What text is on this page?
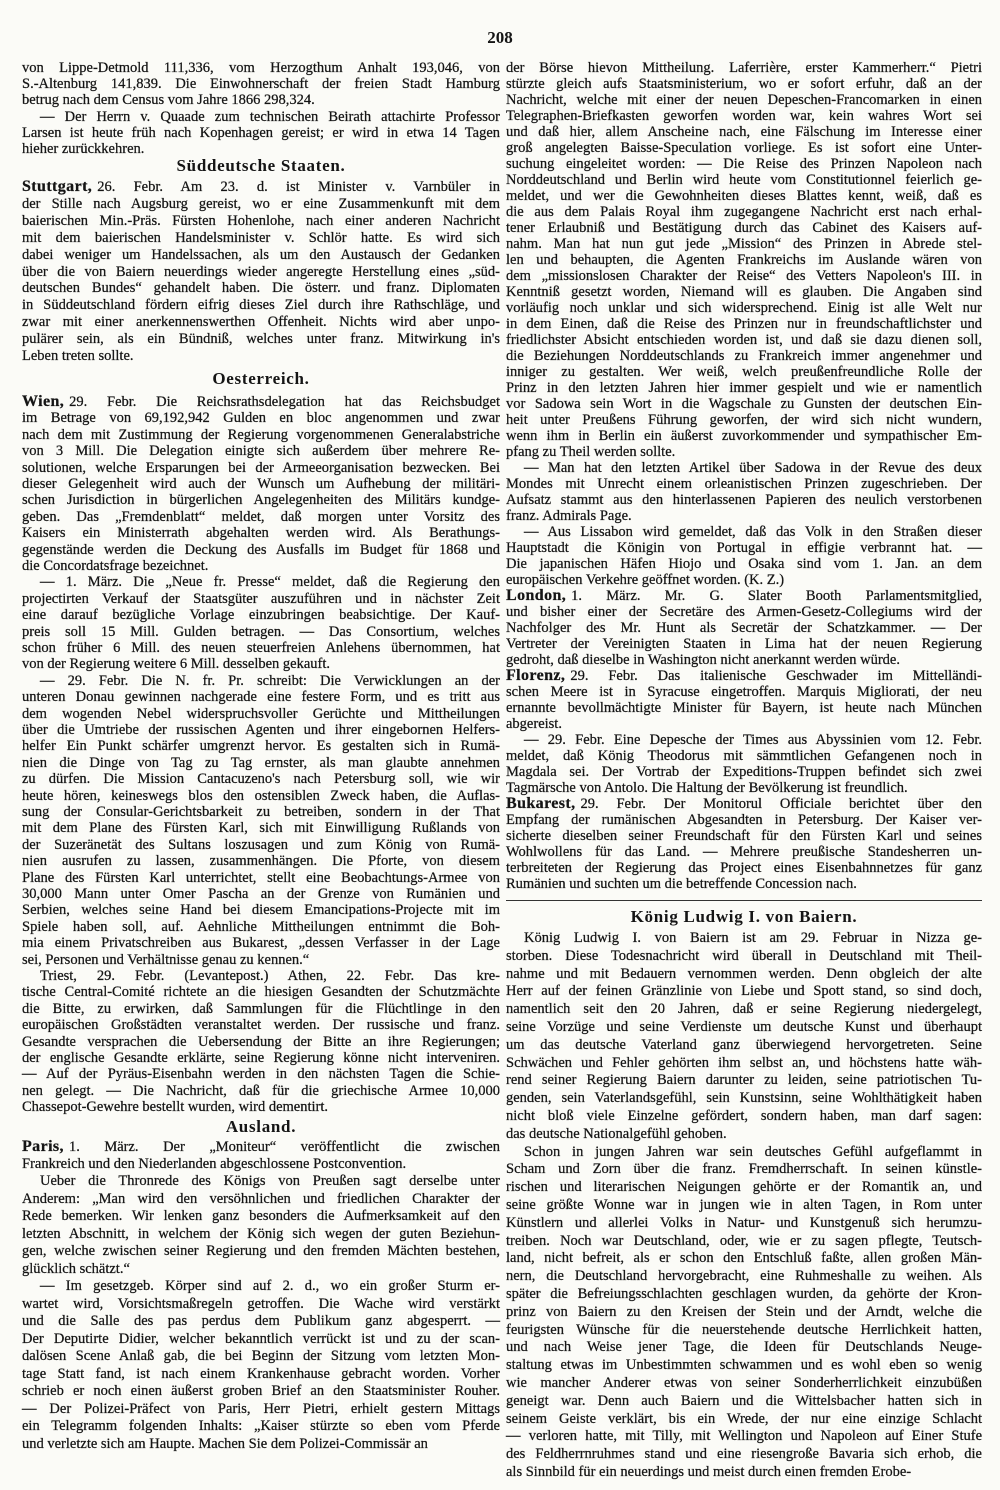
208
von Lippe-Detmold 111,336, vom Herzogthum Anhalt 193,046, von
S.-Altenburg 141,839. Die Einwohnerschaft der freien Stadt Hamburg
betrug nach dem Census vom Jahre 1866 298,324.
— Der Herrn v. Quaade zum technischen Beirath attachirte Professor
Larsen ist heute früh nach Kopenhagen gereist; er wird in etwa 14 Tagen
hieher zurückkehren.
Süddeutsche Staaten.
Stuttgart, 26. Febr. Am 23. d. ist Minister v. Varnbüler in
der Stille nach Augsburg gereist, wo er eine Zusammenkunft mit dem
baierischen Min.-Präs. Fürsten Hohenlohe, nach einer anderen Nachricht
mit dem baierischen Handelsminister v. Schlör hatte. Es wird sich
dabei weniger um Handelssachen, als um den Austausch der Gedanken
über die von Baiern neuerdings wieder angeregte Herstellung eines „süd-
deutschen Bundes“ gehandelt haben. Die österr. und franz. Diplomaten
in Süddeutschland fördern eifrig dieses Ziel durch ihre Rathschläge, und
zwar mit einer anerkennenswerthen Offenheit. Nichts wird aber unpo-
pulärer sein, als ein Bündniß, welches unter franz. Mitwirkung in's
Leben treten sollte.
Oesterreich.
Wien, 29. Febr. Die Reichsrathsdelegation hat das Reichsbudget
im Betrage von 69,192,942 Gulden en bloc angenommen und zwar
nach dem mit Zustimmung der Regierung vorgenommenen Generalabstriche
von 3 Mill. Die Delegation einigte sich außerdem über mehrere Re-
solutionen, welche Ersparungen bei der Armeeorganisation bezwecken. Bei
dieser Gelegenheit wird auch der Wunsch um Aufhebung der militäri-
schen Jurisdiction in bürgerlichen Angelegenheiten des Militärs kundge-
geben. Das „Fremdenblatt“ meldet, daß morgen unter Vorsitz des
Kaisers ein Ministerrath abgehalten werden wird. Als Berathungs-
gegenstände werden die Deckung des Ausfalls im Budget für 1868 und
die Concordatsfrage bezeichnet.
— 1. März. Die „Neue fr. Presse“ meldet, daß die Regierung den
projectirten Verkauf der Staatsgüter auszuführen und in nächster Zeit
eine darauf bezügliche Vorlage einzubringen beabsichtige. Der Kauf-
preis soll 15 Mill. Gulden betragen. — Das Consortium, welches
schon früher 6 Mill. des neuen steuerfreien Anlehens übernommen, hat
von der Regierung weitere 6 Mill. desselben gekauft.
— 29. Febr. Die N. fr. Pr. schreibt: Die Verwicklungen an der
unteren Donau gewinnen nachgerade eine festere Form, und es tritt aus
dem wogenden Nebel widerspruchsvoller Gerüchte und Mittheilungen
über die Umtriebe der russischen Agenten und ihrer eingebornen Helfers-
helfer Ein Punkt schärfer umgrenzt hervor. Es gestalten sich in Rumä-
nien die Dinge von Tag zu Tag ernster, als man glaubte annehmen
zu dürfen. Die Mission Cantacuzeno's nach Petersburg soll, wie wir
heute hören, keineswegs blos den ostensiblen Zweck haben, die Auflas-
sung der Consular-Gerichtsbarkeit zu betreiben, sondern in der That
mit dem Plane des Fürsten Karl, sich mit Einwilligung Rußlands von
der Suzeränetät des Sultans loszusagen und zum König von Rumä-
nien ausrufen zu lassen, zusammenhängen. Die Pforte, von diesem
Plane des Fürsten Karl unterrichtet, stellt eine Beobachtungs-Armee von
30,000 Mann unter Omer Pascha an der Grenze von Rumänien und
Serbien, welches seine Hand bei diesem Emancipations-Projecte mit im
Spiele haben soll, auf. Aehnliche Mittheilungen entnimmt die Boh-
mia einem Privatschreiben aus Bukarest, „dessen Verfasser in der Lage
sei, Personen und Verhältnisse genau zu kennen.“
Triest, 29. Febr. (Levantepost.) Athen, 22. Febr. Das kre-
tische Central-Comité richtete an die hiesigen Gesandten der Schutzmächte
die Bitte, zu erwirken, daß Sammlungen für die Flüchtlinge in den
europäischen Großstädten veranstaltet werden. Der russische und franz.
Gesandte versprachen die Uebersendung der Bitte an ihre Regierungen;
der englische Gesandte erklärte, seine Regierung könne nicht interveniren.
— Auf der Pyräus-Eisenbahn werden in den nächsten Tagen die Schie-
nen gelegt. — Die Nachricht, daß für die griechische Armee 10,000
Chassepot-Gewehre bestellt wurden, wird dementirt.
Ausland.
Paris, 1. März. Der „Moniteur“ veröffentlicht die zwischen
Frankreich und den Niederlanden abgeschlossene Postconvention.
Ueber die Thronrede des Königs von Preußen sagt derselbe unter
Anderem: „Man wird den versöhnlichen und friedlichen Charakter der
Rede bemerken. Wir lenken ganz besonders die Aufmerksamkeit auf den
letzten Abschnitt, in welchem der König sich wegen der guten Beziehun-
gen, welche zwischen seiner Regierung und den fremden Mächten bestehen,
glücklich schätzt.“
— Im gesetzgeb. Körper sind auf 2. d., wo ein großer Sturm er-
wartet wird, Vorsichtsmaßregeln getroffen. Die Wache wird verstärkt
und die Salle des pas perdus dem Publikum ganz abgesperrt. —
Der Deputirte Didier, welcher bekanntlich verrückt ist und zu der scan-
dalösen Scene Anlaß gab, die bei Beginn der Sitzung vom letzten Mon-
tage Statt fand, ist nach einem Krankenhause gebracht worden. Vorher
schrieb er noch einen äußerst groben Brief an den Staatsminister Rouher.
— Der Polizei-Präfect von Paris, Herr Pietri, erhielt gestern Mittags
ein Telegramm folgenden Inhalts: „Kaiser stürzte so eben vom Pferde
und verletzte sich am Haupte. Machen Sie dem Polizei-Commissär an
der Börse hievon Mittheilung. Laferrière, erster Kammerherr.“ Pietri
stürzte gleich aufs Staatsministerium, wo er sofort erfuhr, daß an der
Nachricht, welche mit einer der neuen Depeschen-Francomarken in einen
Telegraphen-Briefkasten geworfen worden war, kein wahres Wort sei
und daß hier, allem Anscheine nach, eine Fälschung im Interesse einer
groß angelegten Baisse-Speculation vorliege. Es ist sofort eine Unter-
suchung eingeleitet worden: — Die Reise des Prinzen Napoleon nach
Norddeutschland und Berlin wird heute vom Constitutionnel feierlich ge-
meldet, und wer die Gewohnheiten dieses Blattes kennt, weiß, daß es
die aus dem Palais Royal ihm zugegangene Nachricht erst nach erhal-
tener Erlaubniß und Bestätigung durch das Cabinet des Kaisers auf-
nahm. Man hat nun gut jede „Mission“ des Prinzen in Abrede stel-
len und behaupten, die Agenten Frankreichs im Auslande wären von
dem „missionslosen Charakter der Reise“ des Vetters Napoleon's III. in
Kenntniß gesetzt worden, Niemand will es glauben. Die Angaben sind
vorläufig noch unklar und sich widersprechend. Einig ist alle Welt nur
in dem Einen, daß die Reise des Prinzen nur in freundschaftlichster und
friedlichster Absicht entschieden worden ist, und daß sie dazu dienen soll,
die Beziehungen Norddeutschlands zu Frankreich immer angenehmer und
inniger zu gestalten. Wer weiß, welch preußenfreundliche Rolle der
Prinz in den letzten Jahren hier immer gespielt und wie er namentlich
vor Sadowa sein Wort in die Wagschale zu Gunsten der deutschen Ein-
heit unter Preußens Führung geworfen, der wird sich nicht wundern,
wenn ihm in Berlin ein äußerst zuvorkommender und sympathischer Em-
pfang zu Theil werden sollte.
— Man hat den letzten Artikel über Sadowa in der Revue des deux
Mondes mit Unrecht einem orleanistischen Prinzen zugeschrieben. Der
Aufsatz stammt aus den hinterlassenen Papieren des neulich verstorbenen
franz. Admirals Page.
— Aus Lissabon wird gemeldet, daß das Volk in den Straßen dieser
Hauptstadt die Königin von Portugal in effigie verbrannt hat. —
Die japanischen Häfen Hiojo und Osaka sind vom 1. Jan. an dem
europäischen Verkehre geöffnet worden. (K. Z.)
London, 1. März. Mr. G. Slater Booth Parlamentsmitglied,
und bisher einer der Secretäre des Armen-Gesetz-Collegiums wird der
Nachfolger des Mr. Hunt als Secretär der Schatzkammer. — Der
Vertreter der Vereinigten Staaten in Lima hat der neuen Regierung
gedroht, daß dieselbe in Washington nicht anerkannt werden würde.
Florenz, 29. Febr. Das italienische Geschwader im Mittelländi-
schen Meere ist in Syracuse eingetroffen. Marquis Migliorati, der neu
ernannte bevollmächtigte Minister für Bayern, ist heute nach München
abgereist.
— 29. Febr. Eine Depesche der Times aus Abyssinien vom 12. Febr.
meldet, daß König Theodorus mit sämmtlichen Gefangenen noch in
Magdala sei. Der Vortrab der Expeditions-Truppen befindet sich zwei
Tagmärsche von Antolo. Die Haltung der Bevölkerung ist freundlich.
Bukarest, 29. Febr. Der Monitorul Officiale berichtet über den
Empfang der rumänischen Abgesandten in Petersburg. Der Kaiser ver-
sicherte dieselben seiner Freundschaft für den Fürsten Karl und seines
Wohlwollens für das Land. — Mehrere preußische Standesherren un-
terbreiteten der Regierung das Project eines Eisenbahnnetzes für ganz
Rumänien und suchten um die betreffende Concession nach.
König Ludwig I. von Baiern.
König Ludwig I. von Baiern ist am 29. Februar in Nizza ge-
storben. Diese Todesnachricht wird überall in Deutschland mit Theil-
nahme und mit Bedauern vernommen werden. Denn obgleich der alte
Herr auf der feinen Gränzlinie von Liebe und Spott stand, so sind doch,
namentlich seit den 20 Jahren, daß er seine Regierung niedergelegt,
seine Vorzüge und seine Verdienste um deutsche Kunst und überhaupt
um das deutsche Vaterland ganz überwiegend hervorgetreten. Seine
Schwächen und Fehler gehörten ihm selbst an, und höchstens hatte wäh-
rend seiner Regierung Baiern darunter zu leiden, seine patriotischen Tu-
genden, sein Vaterlandsgefühl, sein Kunstsinn, seine Wohlthätigkeit haben
nicht bloß viele Einzelne gefördert, sondern haben, man darf sagen:
das deutsche Nationalgefühl gehoben.
Schon in jungen Jahren war sein deutsches Gefühl aufgeflammt in
Scham und Zorn über die franz. Fremdherrschaft. In seinen künstle-
rischen und literarischen Neigungen gehörte er der Romantik an, und
seine größte Wonne war in jungen wie in alten Tagen, in Rom unter
Künstlern und allerlei Volks in Natur- und Kunstgenuß sich herumzu-
treiben. Noch war Deutschland, oder, wie er zu sagen pflegte, Teutsch-
land, nicht befreit, als er schon den Entschluß faßte, allen großen Män-
nern, die Deutschland hervorgebracht, eine Ruhmeshalle zu weihen. Als
später die Befreiungsschlachten geschlagen wurden, da gehörte der Kron-
prinz von Baiern zu den Kreisen der Stein und der Arndt, welche die
feurigsten Wünsche für die neuerstehende deutsche Herrlichkeit hatten,
und nach Weise jener Tage, die Ideen für Deutschlands Neuge-
staltung etwas im Unbestimmten schwammen und es wohl eben so wenig
wie mancher Anderer etwas von seiner Sonderherrlichkeit einzubüßen
geneigt war. Denn auch Baiern und die Wittelsbacher hatten sich in
seinem Geiste verklärt, bis ein Wrede, der nur eine einzige Schlacht
— verloren hatte, mit Tilly, mit Wellington und Napoleon auf Einer Stufe
des Feldherrnruhmes stand und eine riesengroße Bavaria sich erhob, die
als Sinnbild für ein neuerdings und meist durch einen fremden Erobe-
